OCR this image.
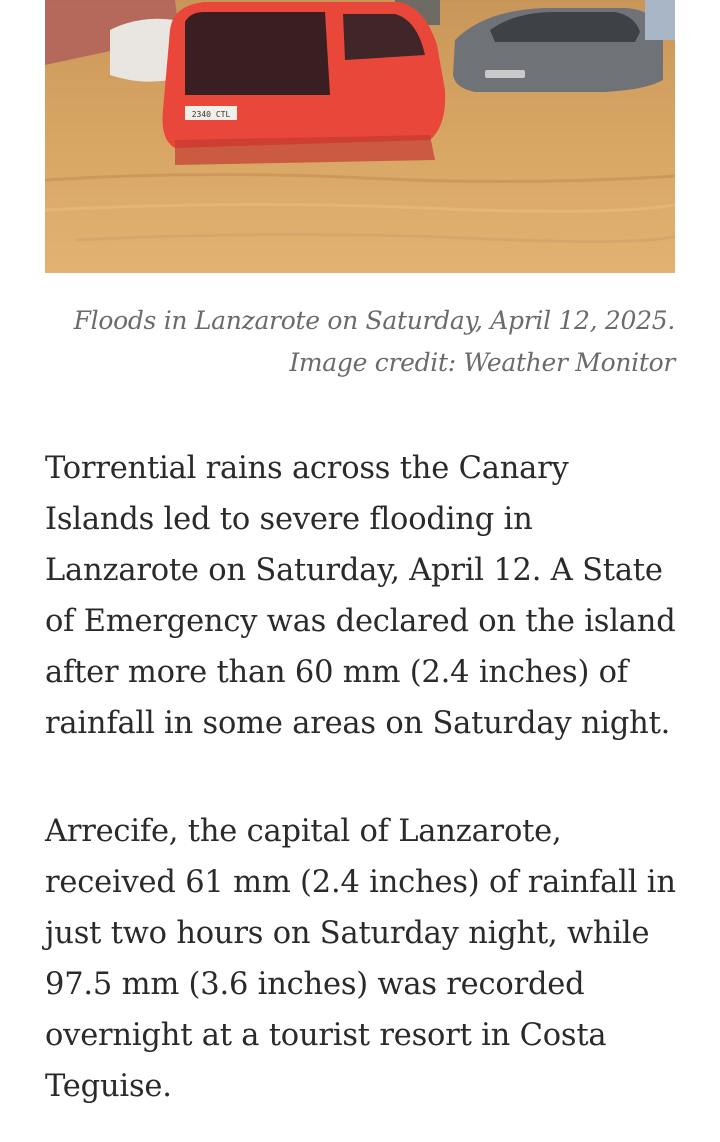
2340 CTL
Floods in Lanzarote on Saturday, April 12, 2025.
Image credit: Weather Monitor

Torrential rains across the Canary
Islands led to severe flooding in
Lanzarote on Saturday, April 12. A State
of Emergency was declared on the island
after more than 60 mm (2.4 inches) of
rainfall in some areas on Saturday night.

Arrecife, the capital of Lanzarote,
received 61 mm (2.4 inches) of rainfall in
just two hours on Saturday night, while
97.5 mm (3.6 inches) was recorded
overnight at a tourist resort in Costa
Teguise.
